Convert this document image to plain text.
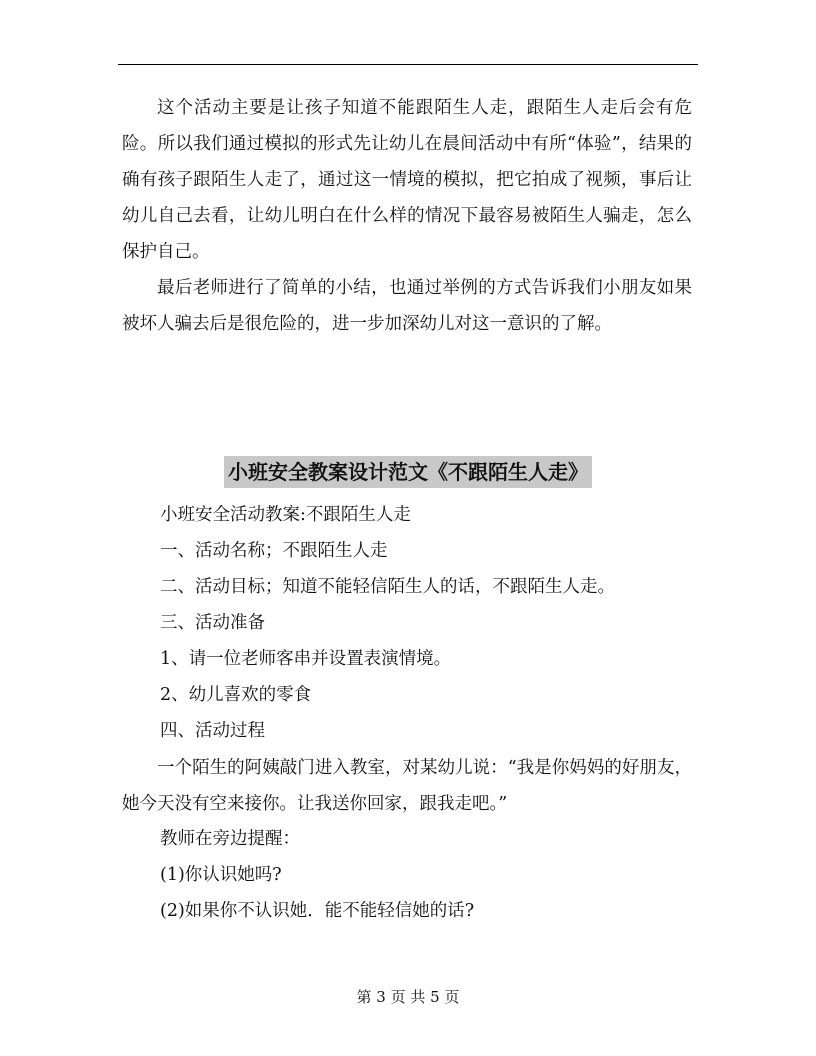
这个活动主要是让孩子知道不能跟陌生人走，跟陌生人走后会有危险。所以我们通过模拟的形式先让幼儿在晨间活动中有所“体验”，结果的确有孩子跟陌生人走了，通过这一情境的模拟，把它拍成了视频，事后让幼儿自己去看，让幼儿明白在什么样的情况下最容易被陌生人骗走，怎么保护自己。

最后老师进行了简单的小结，也通过举例的方式告诉我们小朋友如果被坏人骗去后是很危险的，进一步加深幼儿对这一意识的了解。

小班安全教案设计范文《不跟陌生人走》

小班安全活动教案:不跟陌生人走

一、活动名称；不跟陌生人走

二、活动目标；知道不能轻信陌生人的话，不跟陌生人走。

三、活动准备

1、请一位老师客串并设置表演情境。

2、幼儿喜欢的零食

四、活动过程

一个陌生的阿姨敲门进入教室，对某幼儿说：“我是你妈妈的好朋友，她今天没有空来接你。让我送你回家，跟我走吧。”

教师在旁边提醒：

(1)你认识她吗?

(2)如果你不认识她．能不能轻信她的话?

第 3 页 共 5 页
